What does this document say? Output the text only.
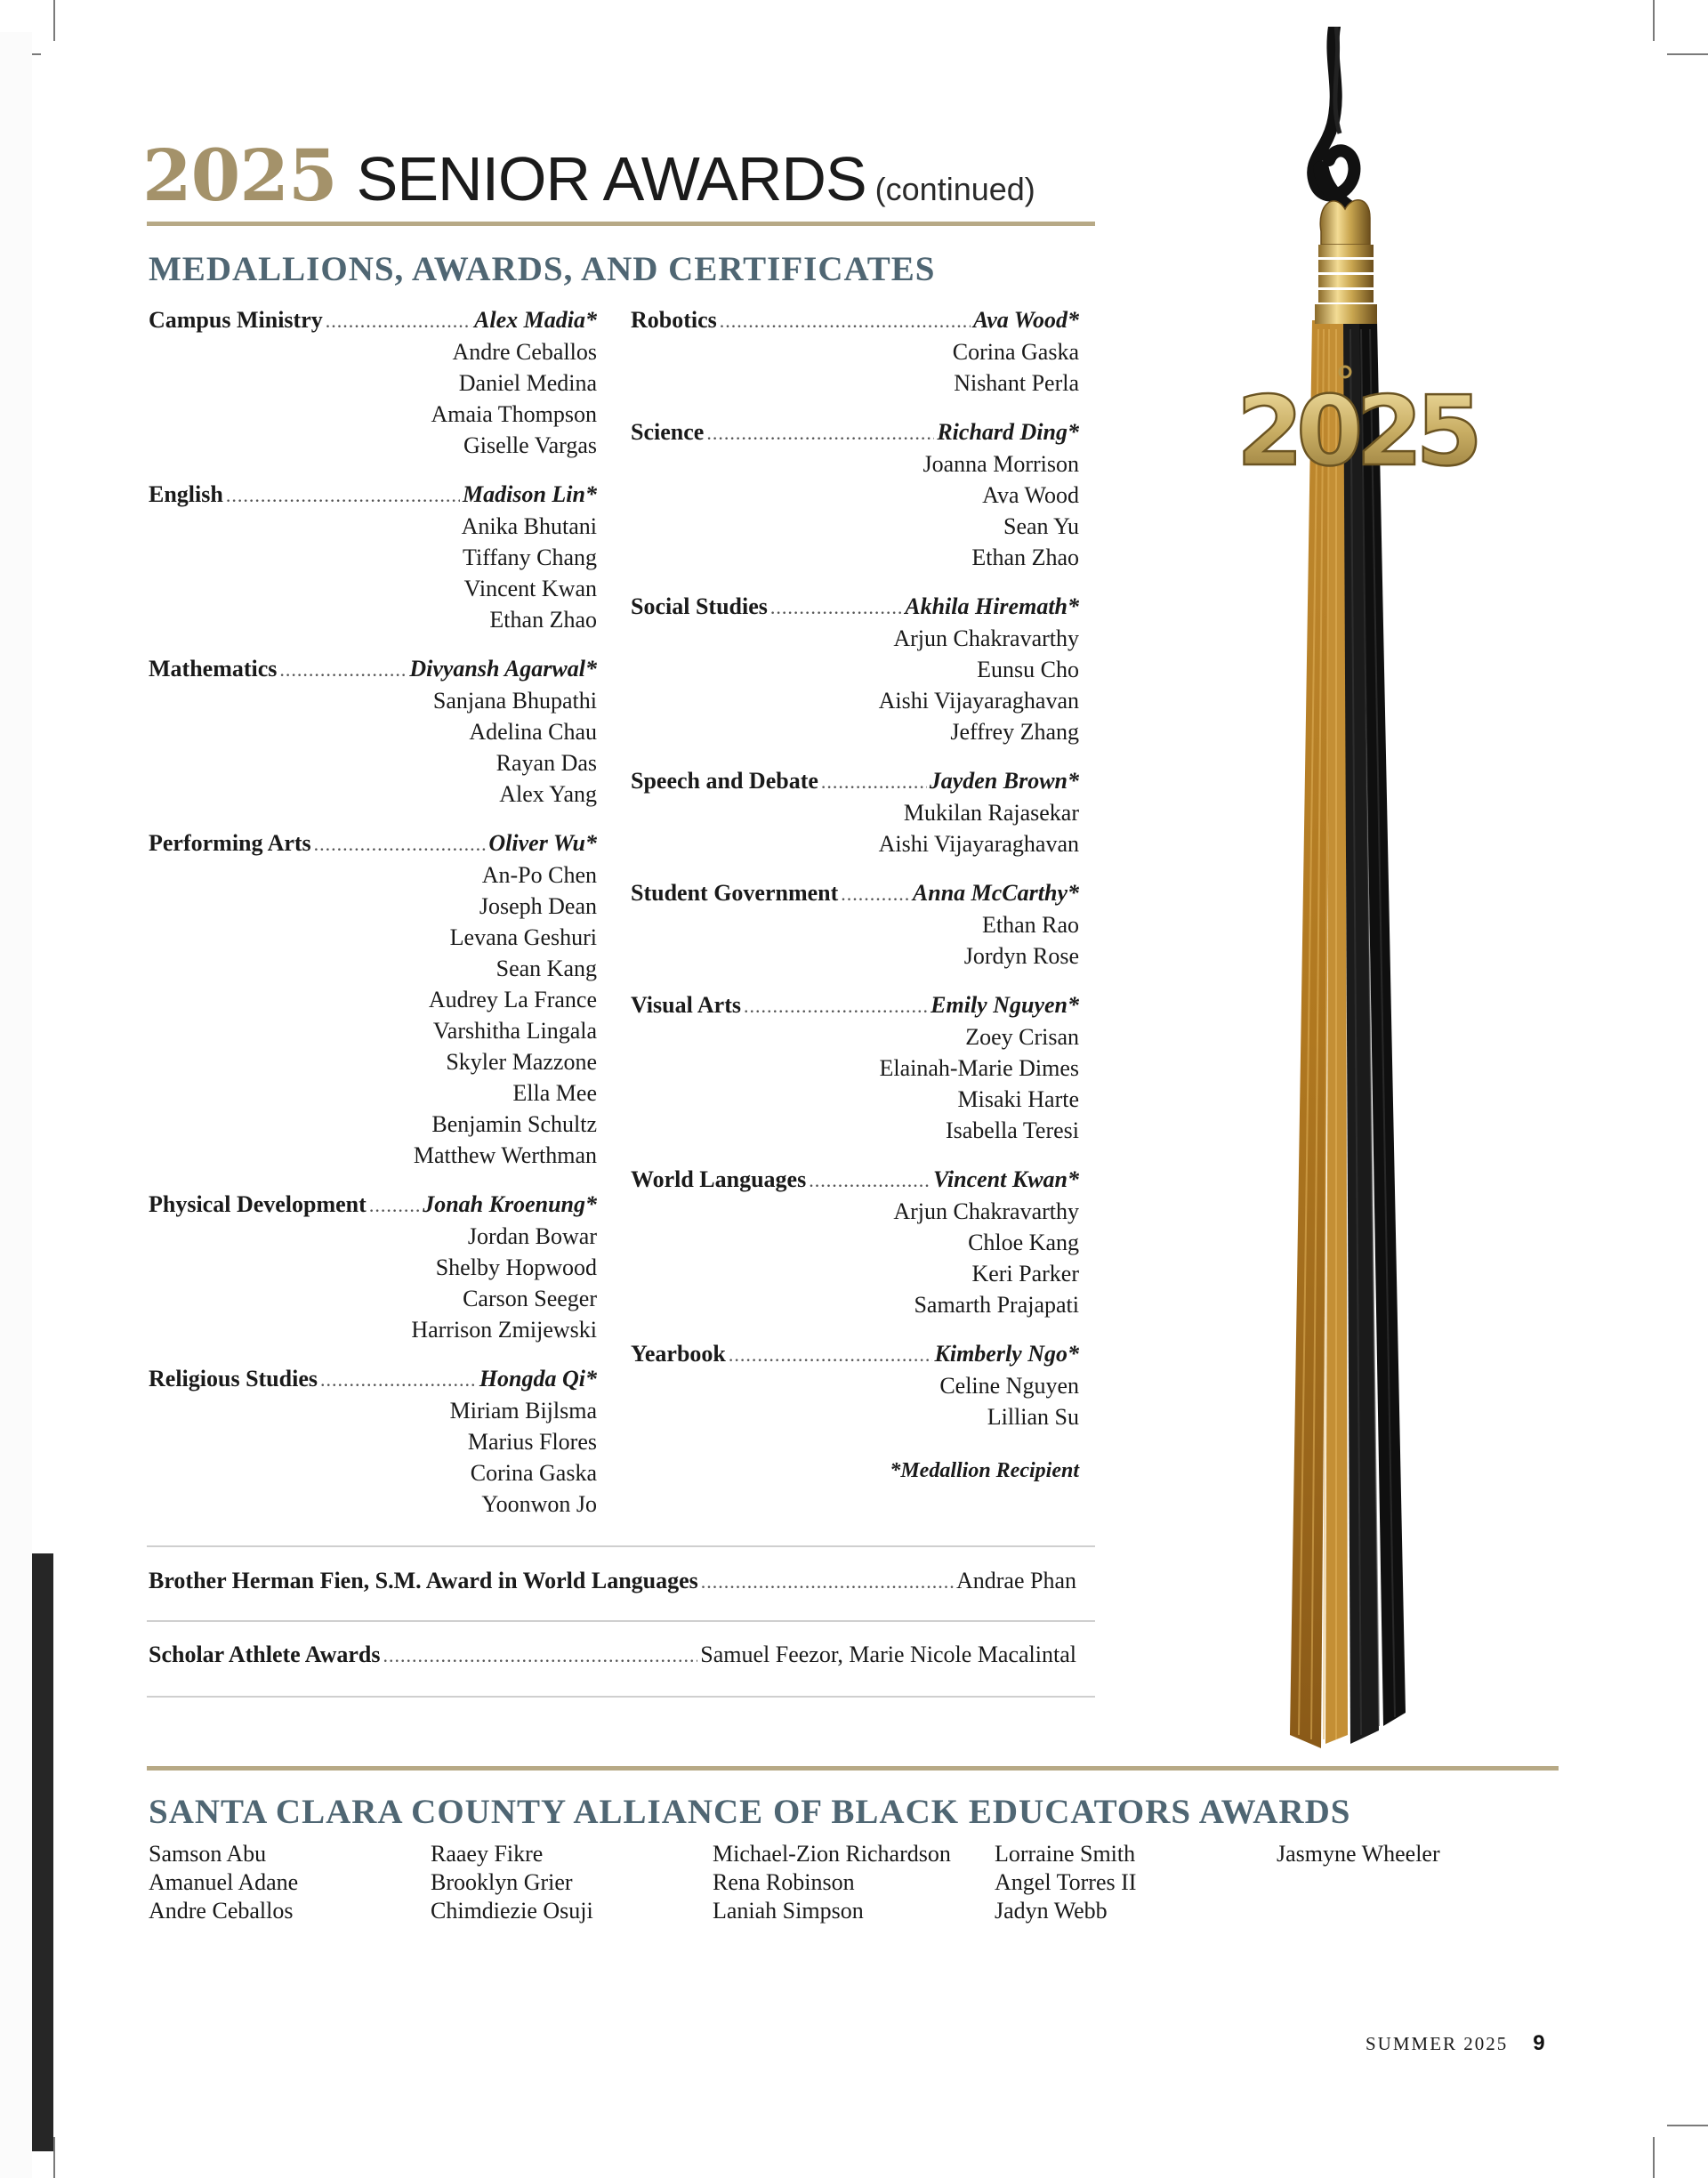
2025 SENIOR AWARDS (continued)
MEDALLIONS, AWARDS, AND CERTIFICATES
Campus Ministry .....	Alex Madia*
Andre Ceballos
Daniel Medina
Amaia Thompson
Giselle Vargas
English .....	Madison Lin*
Anika Bhutani
Tiffany Chang
Vincent Kwan
Ethan Zhao
Mathematics .....	Divyansh Agarwal*
Sanjana Bhupathi
Adelina Chau
Rayan Das
Alex Yang
Performing Arts .....	Oliver Wu*
An-Po Chen
Joseph Dean
Levana Geshuri
Sean Kang
Audrey La France
Varshitha Lingala
Skyler Mazzone
Ella Mee
Benjamin Schultz
Matthew Werthman
Physical Development ..... Jonah Kroenung*
Jordan Bowar
Shelby Hopwood
Carson Seeger
Harrison Zmijewski
Religious Studies .....	Hongda Qi*
Miriam Bijlsma
Marius Flores
Corina Gaska
Yoonwon Jo
Robotics .....	Ava Wood*
Corina Gaska
Nishant Perla
Science .....	Richard Ding*
Joanna Morrison
Ava Wood
Sean Yu
Ethan Zhao
Social Studies .....	Akhila Hiremath*
Arjun Chakravarthy
Eunsu Cho
Aishi Vijayaraghavan
Jeffrey Zhang
Speech and Debate .....	Jayden Brown*
Mukilan Rajasekar
Aishi Vijayaraghavan
Student Government .....	Anna McCarthy*
Ethan Rao
Jordyn Rose
Visual Arts .....	Emily Nguyen*
Zoey Crisan
Elainah-Marie Dimes
Misaki Harte
Isabella Teresi
World Languages .....	Vincent Kwan*
Arjun Chakravarthy
Chloe Kang
Keri Parker
Samarth Prajapati
Yearbook .....	Kimberly Ngo*
Celine Nguyen
Lillian Su
*Medallion Recipient
Brother Herman Fien, S.M. Award in World Languages .....	Andrae Phan
Scholar Athlete Awards .....	Samuel Feezor, Marie Nicole Macalintal
SANTA CLARA COUNTY ALLIANCE OF BLACK EDUCATORS AWARDS
Samson Abu
Amanuel Adane
Andre Ceballos
Raaey Fikre
Brooklyn Grier
Chimdiezie Osuji
Michael-Zion Richardson
Rena Robinson
Laniah Simpson
Lorraine Smith
Angel Torres II
Jadyn Webb
Jasmyne Wheeler
2025
SUMMER 2025 9
